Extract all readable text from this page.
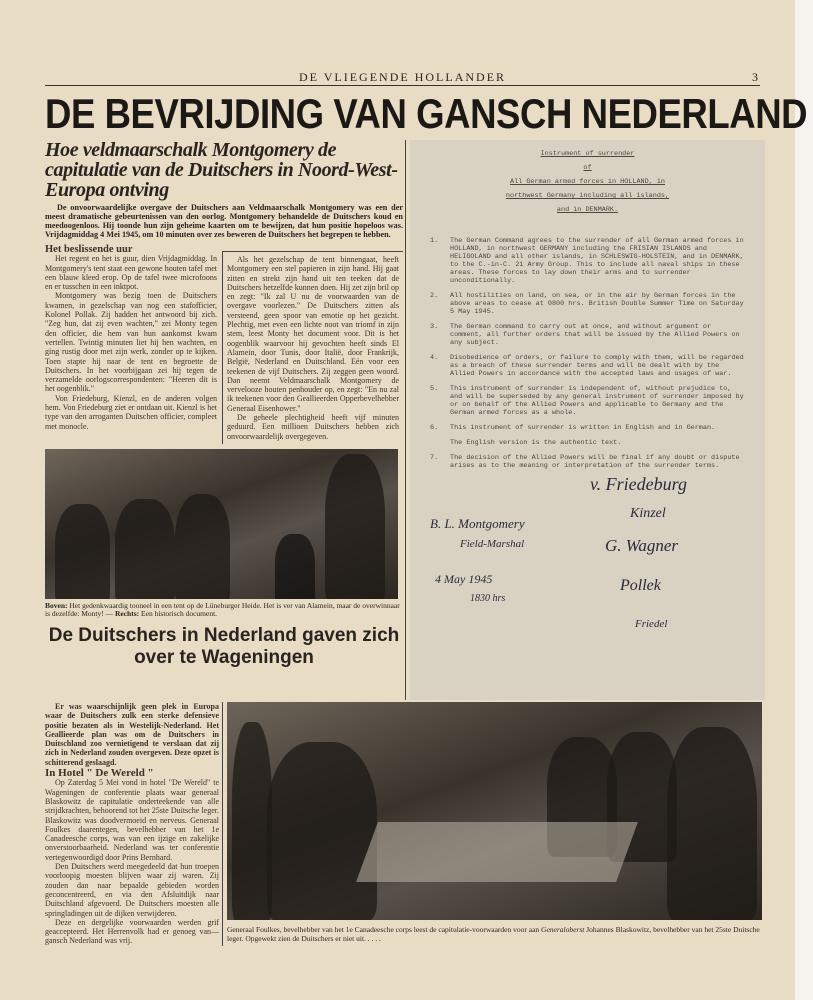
DE VLIEGENDE HOLLANDER	3
DE BEVRIJDING VAN GANSCH NEDERLAND
Hoe veldmaarschalk Montgomery de capitulatie van de Duitschers in Noord-West-Europa ontving
De onvoorwaardelijke overgave der Duitschers aan Veldmaarschalk Montgomery was een der meest dramatische gebeurtenissen van den oorlog. Montgomery behandelde de Duitschers koud en meedoogenloos. Hij toonde hun zijn geheime kaarten om te bewijzen, dat hun positie hopeloos was. Vrijdagmiddag 4 Mei 1945, om 10 minuten over zes beweren de Duitschers het begrepen te hebben.
Het beslissende uur

Het regent en het is guur, dien Vrijdagmiddag. In Montgomery's tent staat een gewone houten tafel met een blauw kleed erop. Op de tafel twee microfoons en er tusschen in een inktpot.

Montgomery was bezig toen de Duitschers kwamen, in gezelschap van nog een stafofficier, Kolonel Pollak. Zij hadden het antwoord bij zich. "Zeg hun, dat zij even wachten," zei Monty tegen den officier, die hem van hun aankomst kwam vertellen. Twintig minuten liet hij hen wachten, en ging rustig door met zijn werk, zonder op te kijken. Toen stapte hij naar de tent en begroette de Duitschers. In het voorbijgaan zei hij tegen de verzamelde oorlogscorrespondenten: "Heeren dit is het oogenblik."

Von Friedeburg, Kienzl, en de anderen volgen hem. Von Friedeburg ziet er ontdaan uit. Kienzl is het type van den arroganten Duitschen officier, compleet met monocle.

Als het gezelschap de tent binnengaat, heeft Montgomery een stel papieren in zijn hand. Hij gaat zitten en strekt zijn hand uit ten teeken dat de Duitschers hetzelfde kunnen doen. Hij zet zijn bril op en zegt: "Ik zal U nu de voorwaarden van de overgave voorlezen." De Duitschers zitten als versteend, geen spoor van emotie op het gezicht. Plechtig, met even een lichte noot van triomf in zijn stem, leest Monty het document voor. Dit is het oogenblik waarvoor hij gevochten heeft sinds El Alamein, door Tunis, door Italië, door Frankrijk, België, Nederland en Duitschland. Eén voor een teekenen de vijf Duitschers. Zij zeggen geen woord. Dan neemt Veldmaarschalk Montgomery de vervelooze houten penhouder op, en zegt: "En nu zal ik teekenen voor den Geallieerden Opperbevelhebber Generaal Eisenhower."

De geheele plechtigheid heeft vijf minuten geduurd. Een millioen Duitschers hebben zich onvoorwaardelijk overgegeven.

Boven: Het gedenkwaardig tooneel in een tent op de Lüneburger Heide. Het is ver van Alamein, maar de overwinnaar is dezelfde: Monty! — Rechts: Een historisch document.
De Duitschers in Nederland gaven zich over te Wageningen
Instrument of surrender
of
All German armed forces in HOLLAND, in
northwest Germany including all islands,
and in DENMARK.
1.	The German Command agrees to the surrender of all German armed forces in HOLLAND, in northwest GERMANY including the FRISIAN ISLANDS and HELIGOLAND and all other islands, in SCHLESWIG-HOLSTEIN, and in DENMARK, to the C.-in-C. 21 Army Group. This to include all naval ships in these areas. These forces to lay down their arms and to surrender unconditionally.
2.	All hostilities on land, on sea, or in the air by German forces in the above areas to cease at 0800 hrs. British Double Summer Time on Saturday 5 May 1945.
3.	The German command to carry out at once, and without argument or comment, all further orders that will be issued by the Allied Powers on any subject.
4.	Disobedience of orders, or failure to comply with them, will be regarded as a breach of these surrender terms and will be dealt with by the Allied Powers in accordance with the accepted laws and usages of war.
5.	This instrument of surrender is independent of, without prejudice to, and will be superseded by any general instrument of surrender imposed by or on behalf of the Allied Powers and applicable to Germany and the German armed forces as a whole.
6.	This instrument of surrender is written in English and in German.
The English version is the authentic text.
7.	The decision of the Allied Powers will be final if any doubt or dispute arises as to the meaning or interpretation of the surrender terms.
v. Friedeburg
Kinzel
B. L. Montgomery
Field-Marshal	G. Wagner
4 May 1945
1830 hrs
Pollek
Friedel

Er was waarschijnlijk geen plek in Europa waar de Duitschers zulk een sterke defensieve positie bezaten als in Westelijk-Nederland. Het Geallieerde plan was om de Duitschers in Duitschland zoo vernietigend te verslaan dat zij zich in Nederland zouden overgeven. Deze opzet is schitterend geslaagd.

In Hotel " De Wereld "

Op Zaterdag 5 Mei vond in hotel "De Wereld" te Wageningen de conferentie plaats waar generaal Blaskowitz de capitulatie onderteekende van alle strijdkrachten, behoorend tot het 25ste Duitsche leger. Blaskowitz was doodvermoeid en nerveus. Generaal Foulkes daarentegen, bevelhebber van het 1e Canadeesche corps, was van een ijzige en zakelijke onverstoorbaarheid. Nederland was ter conferentie vertegenwoordigd door Prins Bernhard.

Den Duitschers werd meegedeeld dat hun troepen voorloopig moesten blijven waar zij waren. Zij zouden dan naar bepaalde gebieden worden geconcentreerd, en via den Afsluitdijk naar Duitschland afgevoerd. De Duitschers moesten alle springladingen uit de dijken verwijderen.

Deze en dergelijke voorwaarden werden grif geaccepteerd. Het Herrenvolk had er genoeg van—gansch Nederland was vrij.

Generaal Foulkes, bevelhebber van het 1e Canadeesche corps leest de capitulatie-voorwaarden voor aan Generaloberst Johannes Blaskowitz, bevelhebber van het 25ste Duitsche leger. Opgewekt zien de Duitschers er niet uit. . . . .
